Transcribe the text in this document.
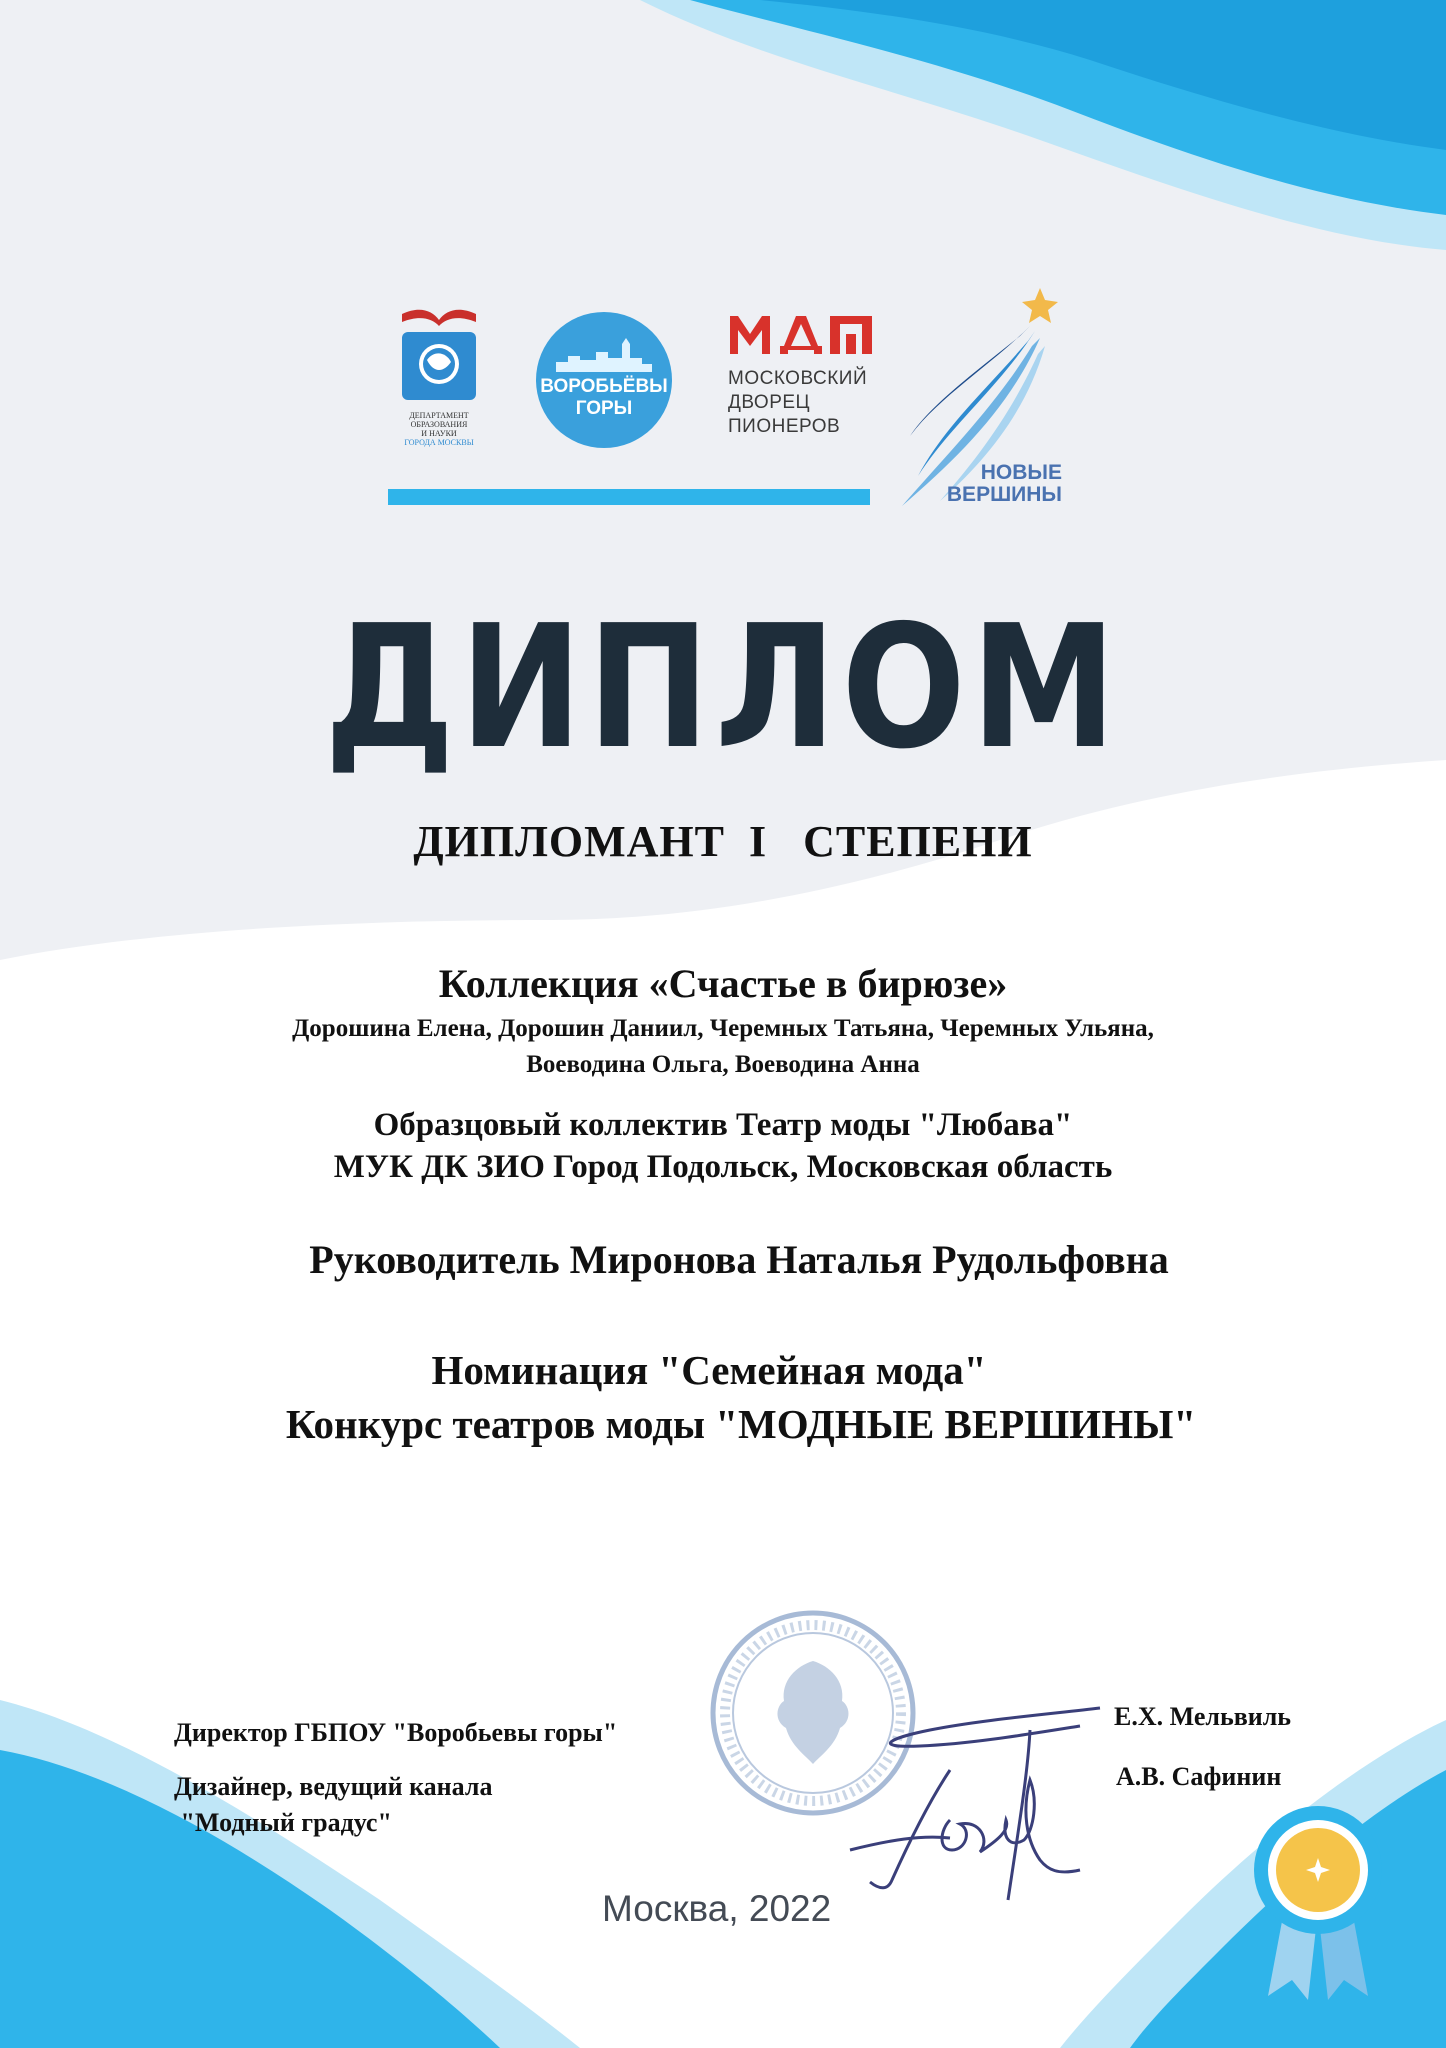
ДЕПАРТАМЕНТ
ОБРАЗОВАНИЯ
И НАУКИ
ГОРОДА МОСКВЫ
ВОРОБЬЁВЫ
ГОРЫ
МОСКОВСКИЙ
ДВОРЕЦ
ПИОНЕРОВ
НОВЫЕ
ВЕРШИНЫ
ДИПЛОМ
ДИПЛОМАНТ  I   СТЕПЕНИ
Коллекция «Счастье в бирюзе»
Дорошина Елена, Дорошин Даниил, Черемных Татьяна, Черемных Ульяна,
Воеводина Ольга, Воеводина Анна
Образцовый коллектив Театр моды "Любава"
МУК ДК ЗИО Город Подольск, Московская область
Руководитель Миронова Наталья Рудольфовна
Номинация "Семейная мода"
Конкурс театров моды "МОДНЫЕ ВЕРШИНЫ"
Директор ГБПОУ "Воробьевы горы"
Е.Х. Мельвиль
Дизайнер, ведущий канала
"Модный градус"
А.В. Сафинин
Москва, 2022
